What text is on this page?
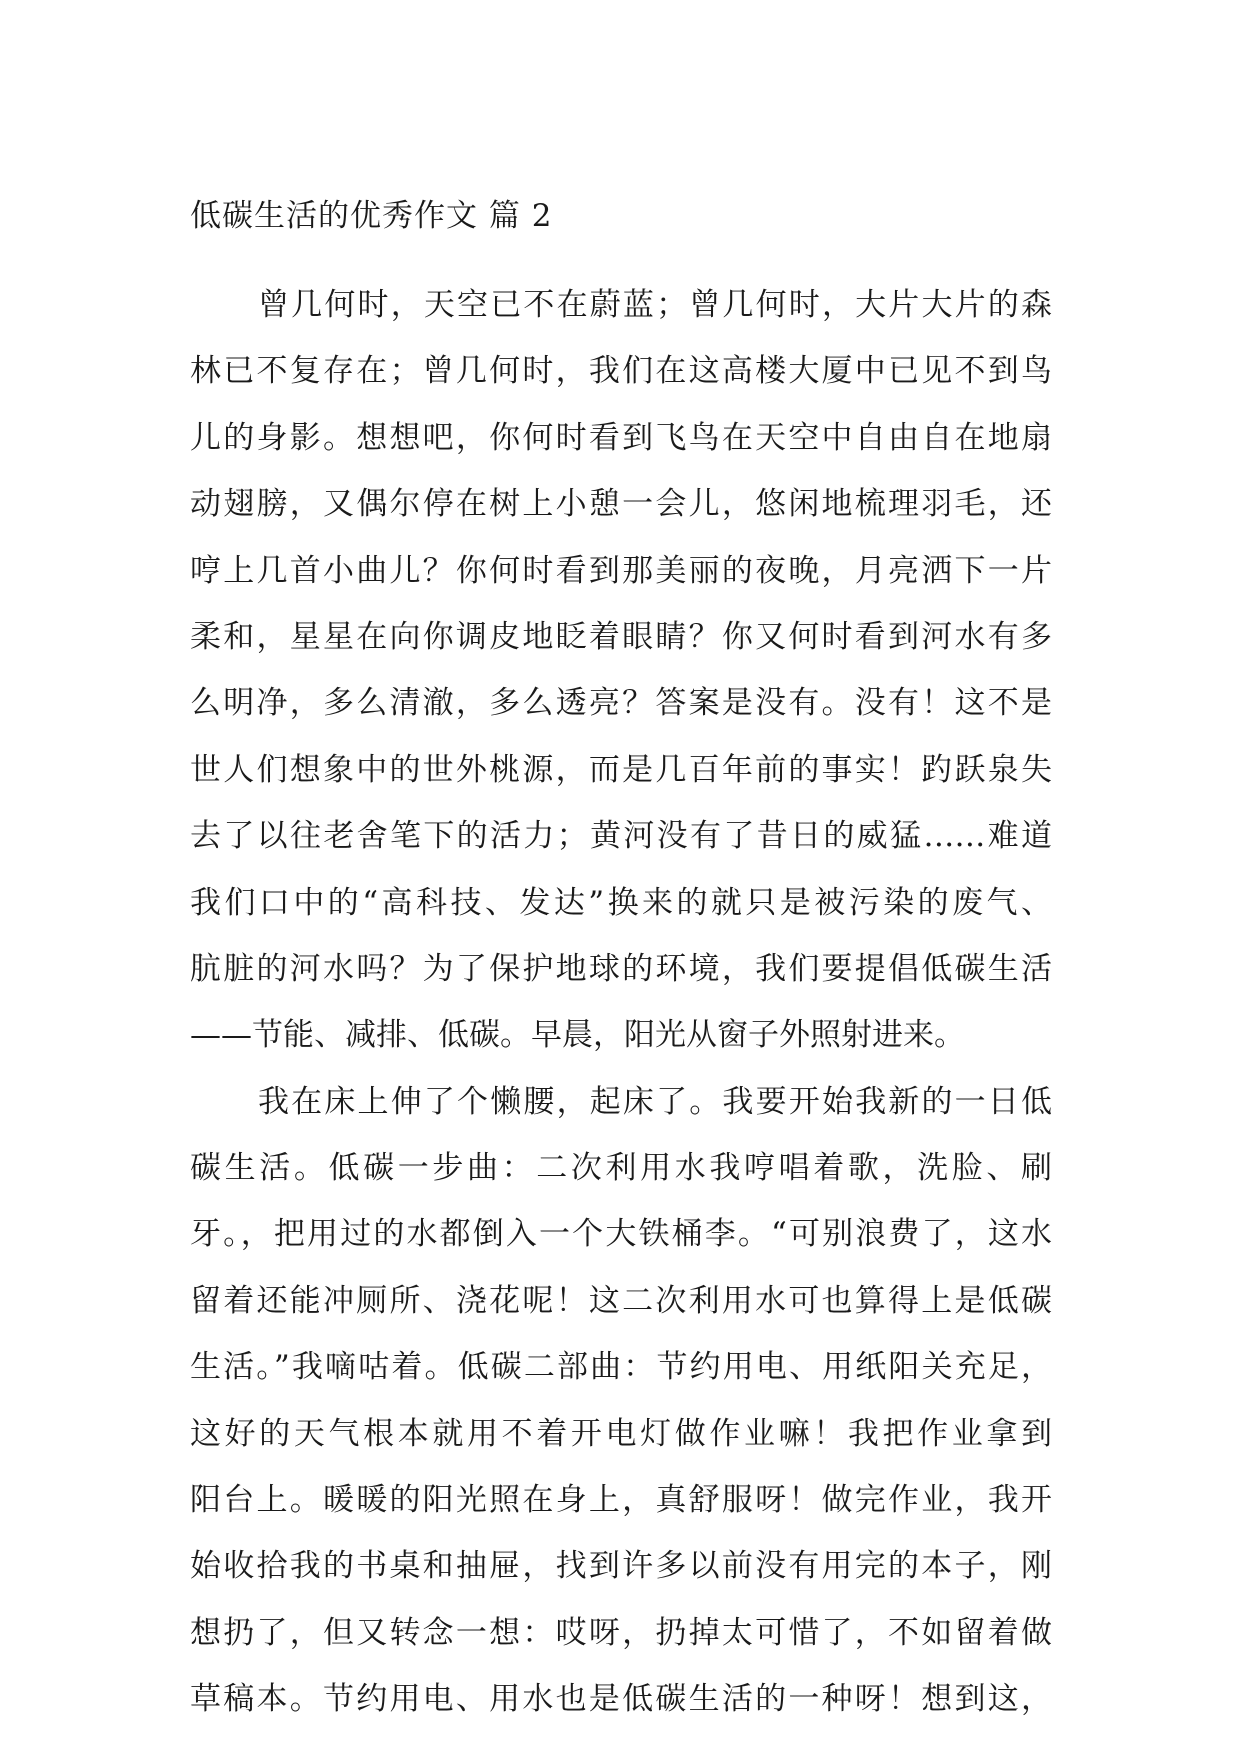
低碳生活的优秀作文 篇 2
曾几何时，天空已不在蔚蓝；曾几何时，大片大片的森
林已不复存在；曾几何时，我们在这高楼大厦中已见不到鸟
儿的身影。想想吧，你何时看到飞鸟在天空中自由自在地扇
动翅膀，又偶尔停在树上小憩一会儿，悠闲地梳理羽毛，还
哼上几首小曲儿？你何时看到那美丽的夜晚，月亮洒下一片
柔和，星星在向你调皮地眨着眼睛？你又何时看到河水有多
么明净，多么清澈，多么透亮？答案是没有。没有！这不是
世人们想象中的世外桃源，而是几百年前的事实！趵跃泉失
去了以往老舍笔下的活力；黄河没有了昔日的威猛……难道
我们口中的“高科技、发达”换来的就只是被污染的废气、
肮脏的河水吗？为了保护地球的环境，我们要提倡低碳生活
——节能、减排、低碳。早晨，阳光从窗子外照射进来。
我在床上伸了个懒腰，起床了。我要开始我新的一日低
碳生活。低碳一步曲：二次利用水我哼唱着歌，洗脸、刷
牙。，把用过的水都倒入一个大铁桶李。“可别浪费了，这水
留着还能冲厕所、浇花呢！这二次利用水可也算得上是低碳
生活。”我嘀咕着。低碳二部曲：节约用电、用纸阳关充足，
这好的天气根本就用不着开电灯做作业嘛！我把作业拿到
阳台上。暖暖的阳光照在身上，真舒服呀！做完作业，我开
始收拾我的书桌和抽屉，找到许多以前没有用完的本子，刚
想扔了，但又转念一想：哎呀，扔掉太可惜了，不如留着做
草稿本。节约用电、用水也是低碳生活的一种呀！想到这，
